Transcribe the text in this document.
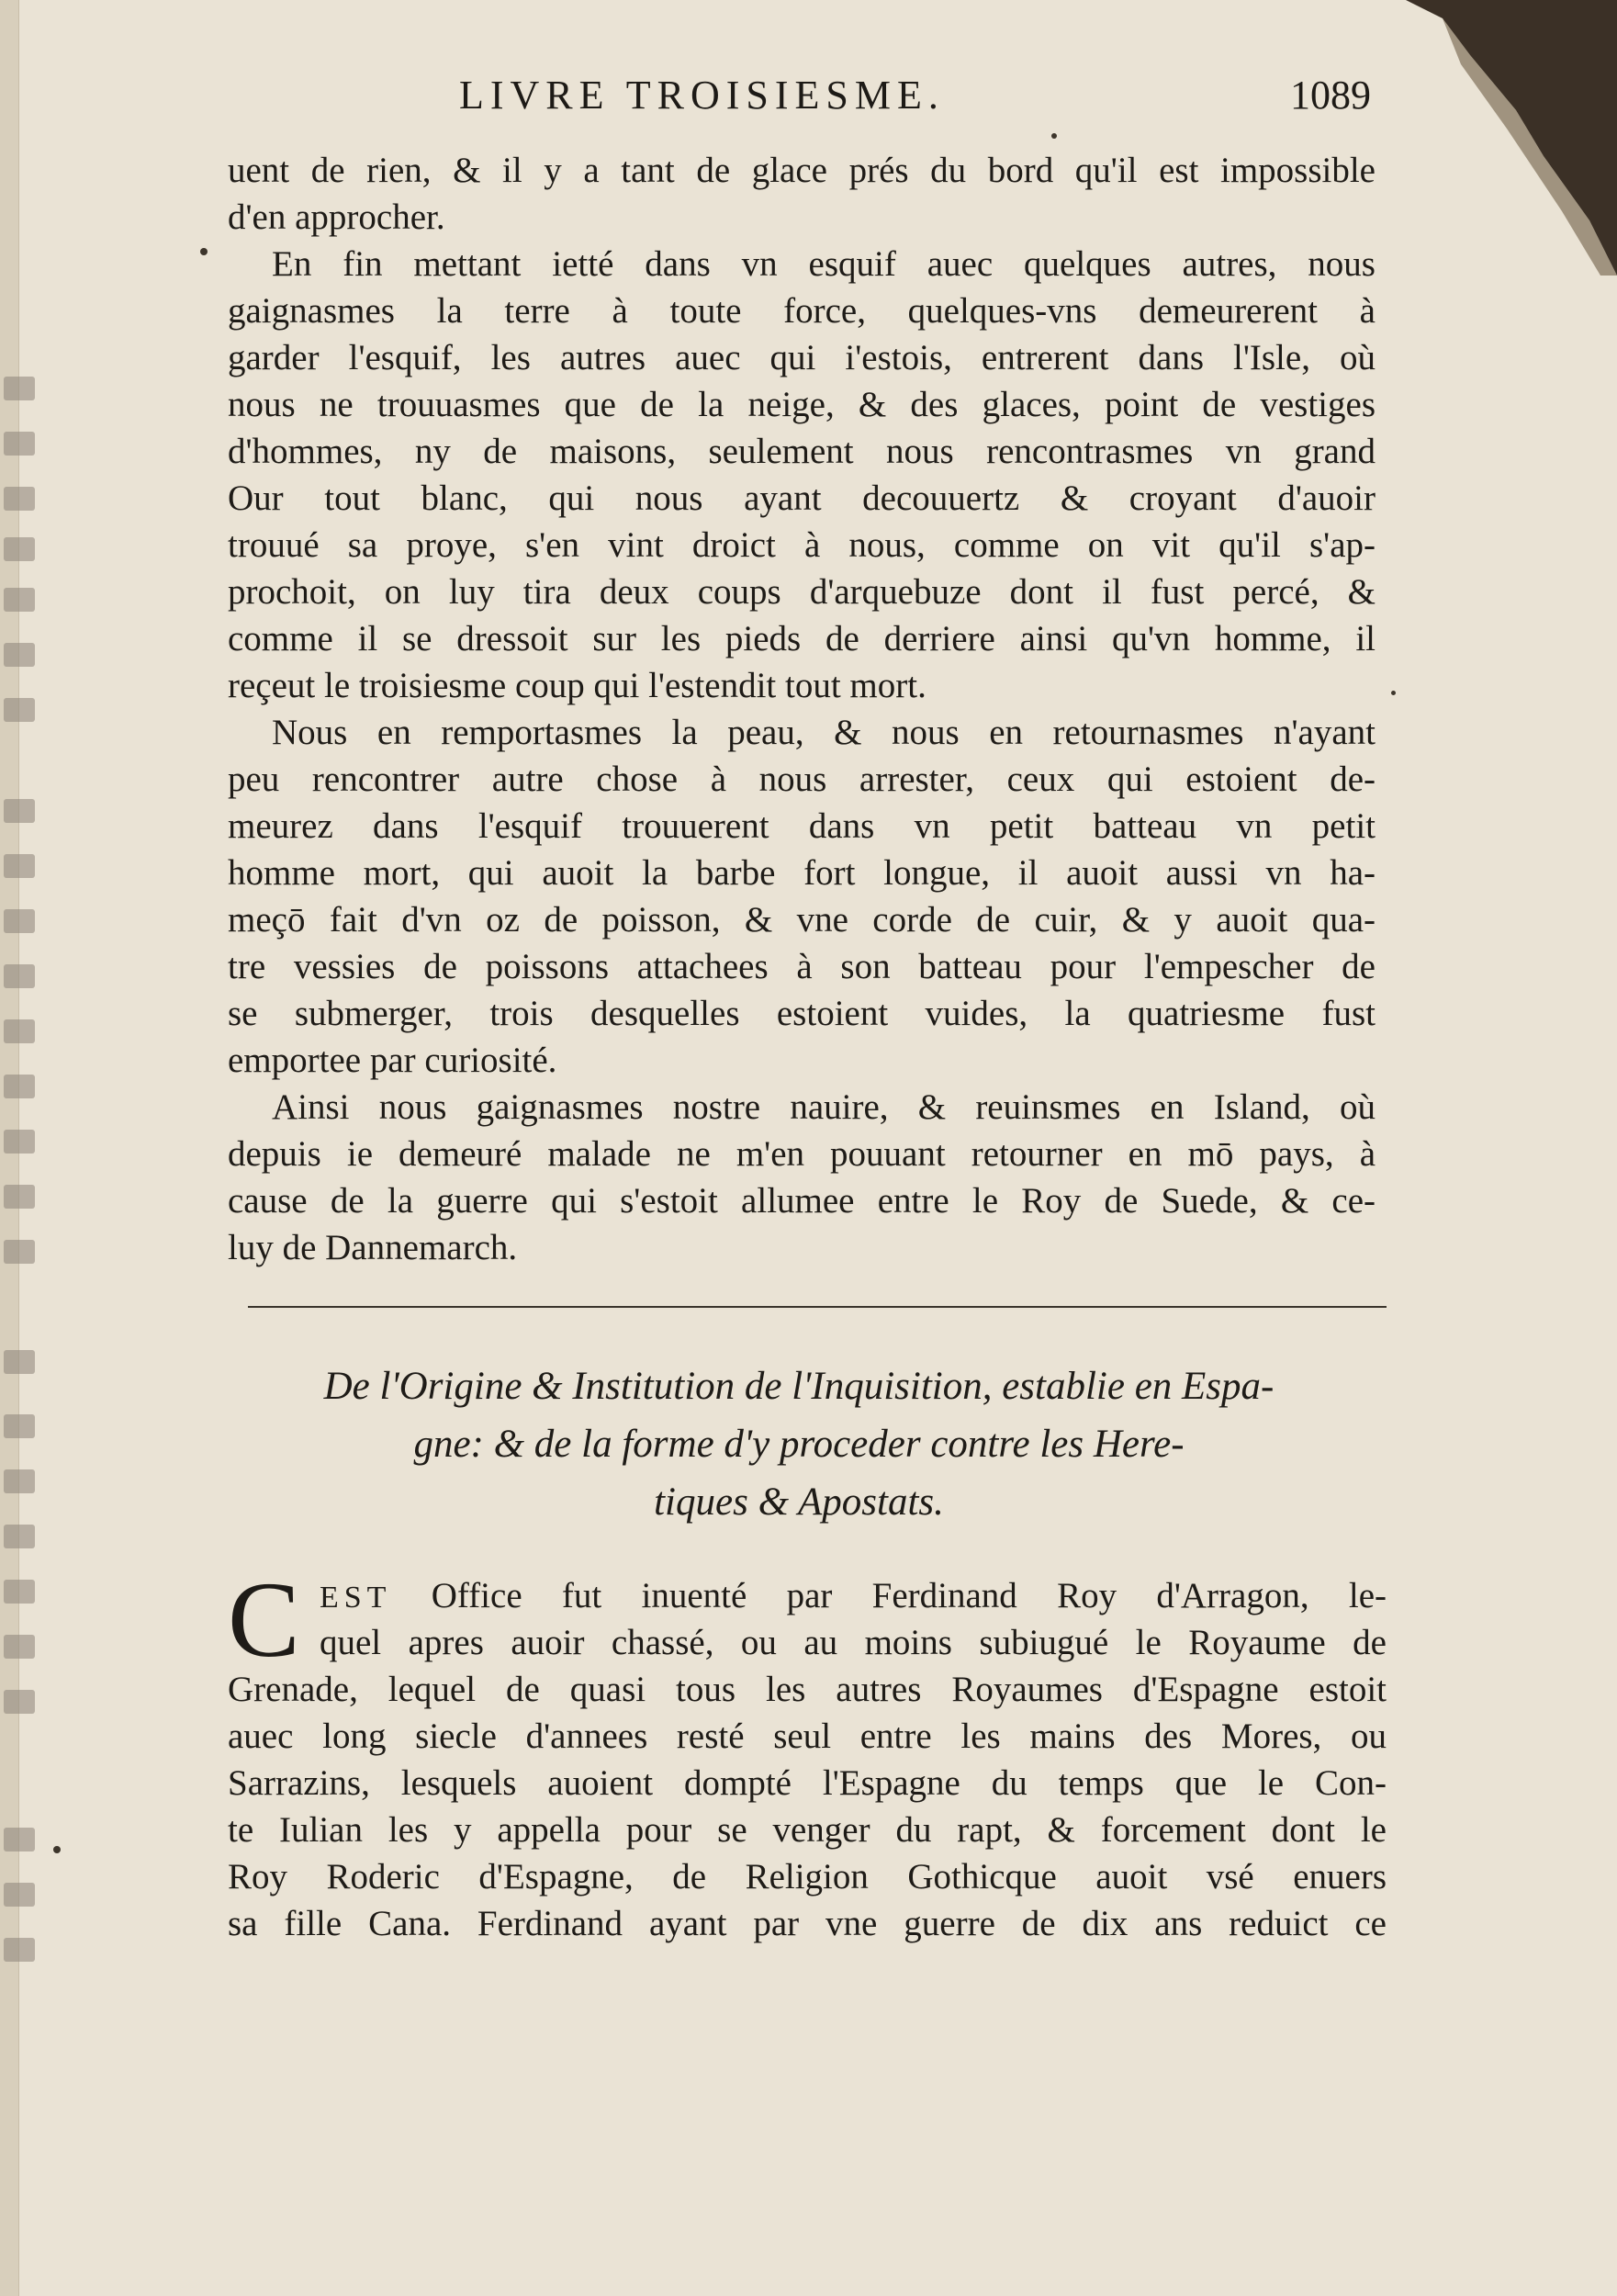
LIVRE TROISIESME.	1089
uent de rien, & il y a tant de glace prés du bord qu'il est impossible
d'en approcher.
En fin mettant ietté dans vn esquif auec quelques autres, nous
gaignasmes la terre à toute force, quelques-vns demeurerent à
garder l'esquif, les autres auec qui i'estois, entrerent dans l'Isle, où
nous ne trouuasmes que de la neige, & des glaces, point de vestiges
d'hommes, ny de maisons, seulement nous rencontrasmes vn grand
Our tout blanc, qui nous ayant decouuertz & croyant d'auoir
trouué sa proye, s'en vint droict à nous, comme on vit qu'il s'ap-
prochoit, on luy tira deux coups d'arquebuze dont il fust percé, &
comme il se dressoit sur les pieds de derriere ainsi qu'vn homme, il
reçeut le troisiesme coup qui l'estendit tout mort.
Nous en remportasmes la peau, & nous en retournasmes n'ayant
peu rencontrer autre chose à nous arrester, ceux qui estoient de-
meurez dans l'esquif trouuerent dans vn petit batteau vn petit
homme mort, qui auoit la barbe fort longue, il auoit aussi vn ha-
meçō fait d'vn oz de poisson, & vne corde de cuir, & y auoit qua-
tre vessies de poissons attachees à son batteau pour l'empescher de
se submerger, trois desquelles estoient vuides, la quatriesme fust
emportee par curiosité.
Ainsi nous gaignasmes nostre nauire, & reuinsmes en Island, où
depuis ie demeuré malade ne m'en pouuant retourner en mō pays, à
cause de la guerre qui s'estoit allumee entre le Roy de Suede, & ce-
luy de Dannemarch.
De l'Origine & Institution de l'Inquisition, establie en Espa-
gne: & de la forme d'y proceder contre les Here-
tiques & Apostats.
C EST Office fut inuenté par Ferdinand Roy d'Arragon, le-
quel apres auoir chassé, ou au moins subiugué le Royaume de
Grenade, lequel de quasi tous les autres Royaumes d'Espagne estoit
auec long siecle d'annees resté seul entre les mains des Mores, ou
Sarrazins, lesquels auoient dompté l'Espagne du temps que le Con-
te Iulian les y appella pour se venger du rapt, & forcement dont le
Roy Roderic d'Espagne, de Religion Gothicque auoit vsé enuers
sa fille Cana. Ferdinand ayant par vne guerre de dix ans reduict ce
